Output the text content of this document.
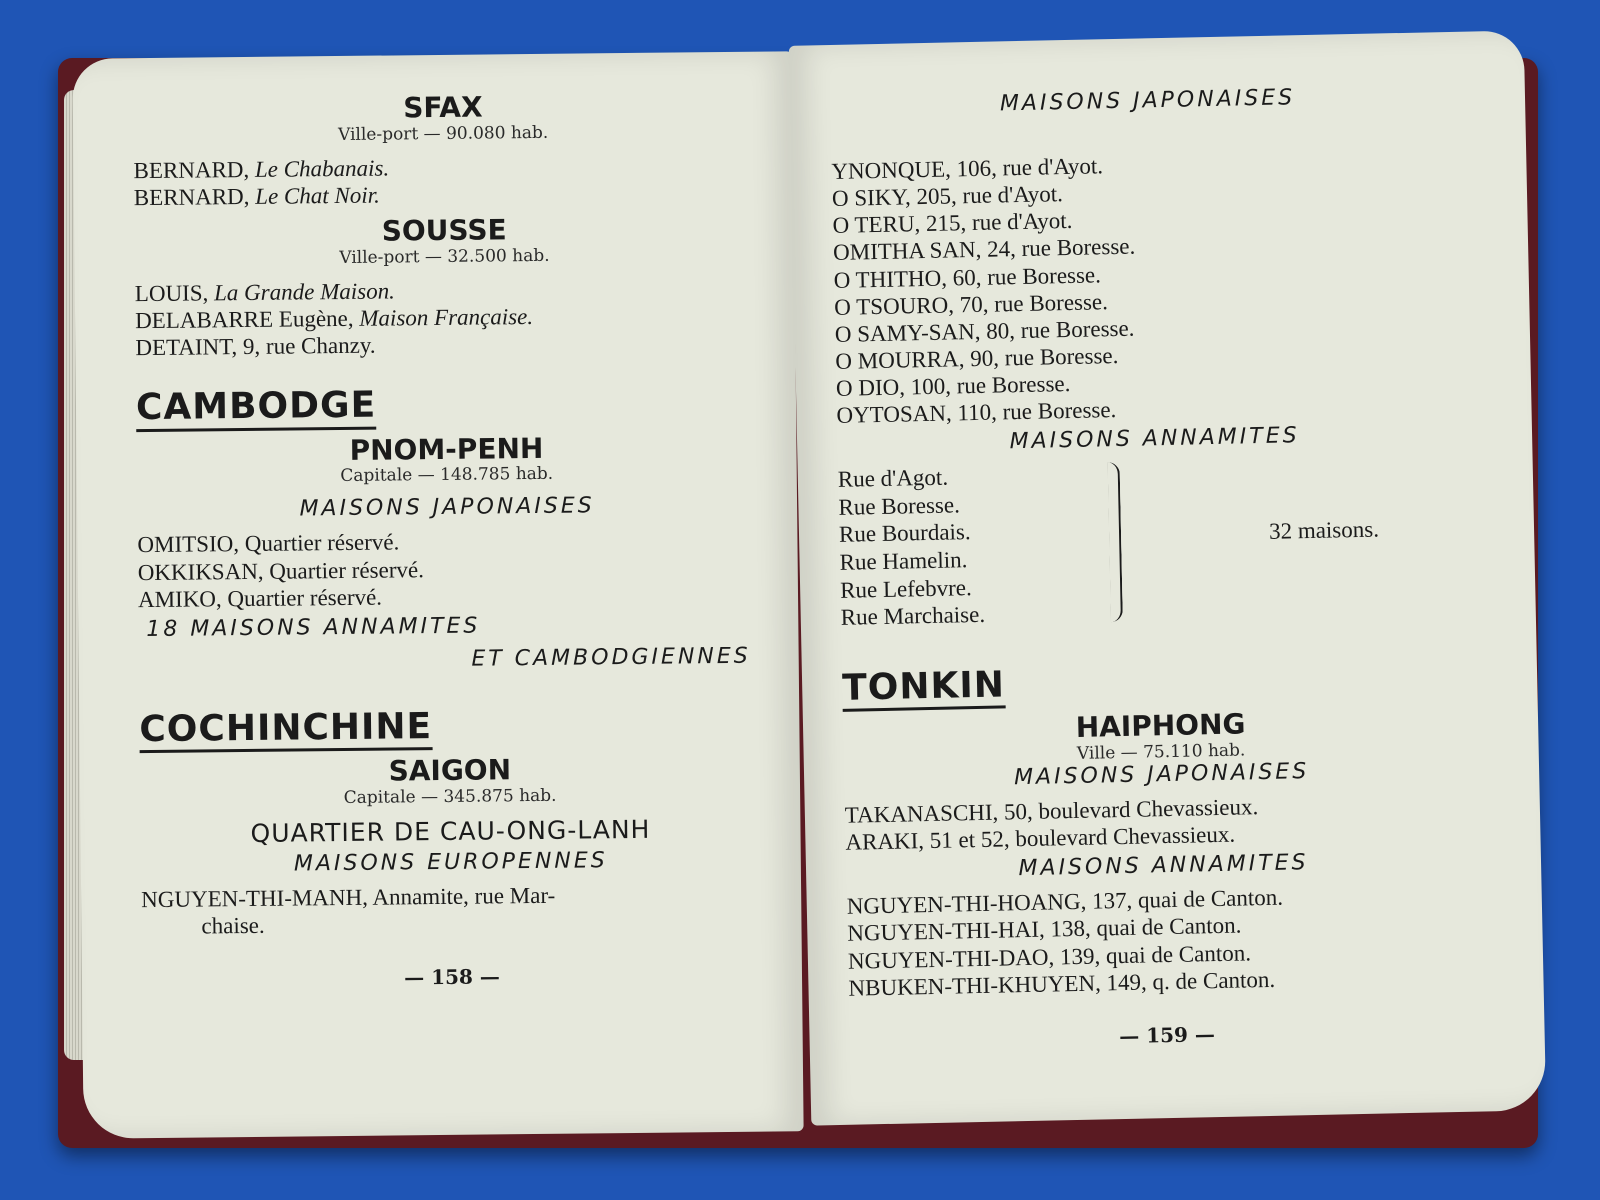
SFAX

Ville-port — 90.080 hab.

BERNARD, Le Chabanais.

BERNARD, Le Chat Noir.

SOUSSE

Ville-port — 32.500 hab.

LOUIS, La Grande Maison.

DELABARRE Eugène, Maison Française.

DETAINT, 9, rue Chanzy.

CAMBODGE

PNOM-PENH

Capitale — 148.785 hab.

MAISONS JAPONAISES

OMITSIO, Quartier réservé.

OKKIKSAN, Quartier réservé.

AMIKO, Quartier réservé.

18 MAISONS ANNAMITES

ET CAMBODGIENNES

COCHINCHINE

SAIGON

Capitale — 345.875 hab.

QUARTIER DE CAU-ONG-LANH

MAISONS EUROPENNES

NGUYEN-THI-MANH, Annamite, rue Mar-

chaise.

— 158 —

MAISONS JAPONAISES

YNONQUE, 106, rue d'Ayot.

O SIKY, 205, rue d'Ayot.

O TERU, 215, rue d'Ayot.

OMITHA SAN, 24, rue Boresse.

O THITHO, 60, rue Boresse.

O TSOURO, 70, rue Boresse.

O SAMY-SAN, 80, rue Boresse.

O MOURRA, 90, rue Boresse.

O DIO, 100, rue Boresse.

OYTOSAN, 110, rue Boresse.

MAISONS ANNAMITES

Rue d'Agot.

Rue Boresse.

Rue Bourdais.

Rue Hamelin.

Rue Lefebvre.

Rue Marchaise.

32 maisons.
TONKIN

HAIPHONG

Ville — 75.110 hab.

MAISONS JAPONAISES

TAKANASCHI, 50, boulevard Chevassieux.

ARAKI, 51 et 52, boulevard Chevassieux.

MAISONS ANNAMITES

NGUYEN-THI-HOANG, 137, quai de Canton.

NGUYEN-THI-HAI, 138, quai de Canton.

NGUYEN-THI-DAO, 139, quai de Canton.

NBUKEN-THI-KHUYEN, 149, q. de Canton.

— 159 —
